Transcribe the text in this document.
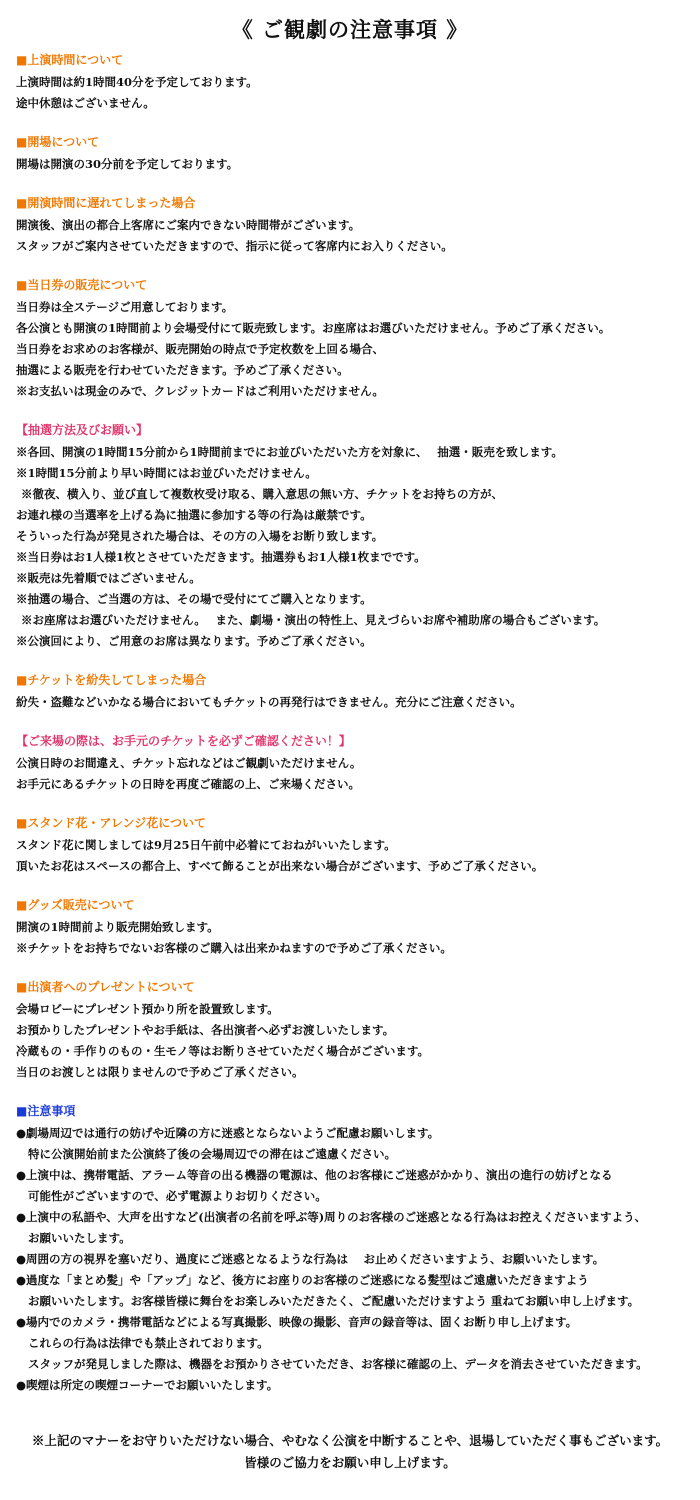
《 ご観劇の注意事項 》
■上演時間について
上演時間は約1時間40分を予定しております。
途中休憩はございません。
■開場について
開場は開演の30分前を予定しております。
■開演時間に遅れてしまった場合
開演後、演出の都合上客席にご案内できない時間帯がございます。
スタッフがご案内させていただきますので、指示に従って客席内にお入りください。
■当日券の販売について
当日券は全ステージご用意しております。
各公演とも開演の1時間前より会場受付にて販売致します。お座席はお選びいただけません。予めご了承ください。
当日券をお求めのお客様が、販売開始の時点で予定枚数を上回る場合、
抽選による販売を行わせていただきます。予めご了承ください。
※お支払いは現金のみで、クレジットカードはご利用いただけません。
【抽選方法及びお願い】
※各回、開演の1時間15分前から1時間前までにお並びいただいた方を対象に、　 抽選・販売を致します。
※1時間15分前より早い時間にはお並びいただけません。
※徹夜、横入り、並び直して複数枚受け取る、購入意思の無い方、チケットをお持ちの方が、
お連れ様の当選率を上げる為に抽選に参加する等の行為は厳禁です。
そういった行為が発見された場合は、その方の入場をお断り致します。
※当日券はお1人様1枚とさせていただきます。抽選券もお1人様1枚までです。
※販売は先着順ではございません。
※抽選の場合、ご当選の方は、その場で受付にてご購入となります。
※お座席はお選びいただけません。　 また、劇場・演出の特性上、見えづらいお席や補助席の場合もございます。
※公演回により、ご用意のお席は異なります。予めご了承ください。
■チケットを紛失してしまった場合
紛失・盗難などいかなる場合においてもチケットの再発行はできません。充分にご注意ください。
【ご来場の際は、お手元のチケットを必ずご確認ください！】
公演日時のお間違え、チケット忘れなどはご観劇いただけません。
お手元にあるチケットの日時を再度ご確認の上、ご来場ください。
■スタンド花・アレンジ花について
スタンド花に関しましては9月25日午前中必着にておねがいいたします。
頂いたお花はスペースの都合上、すべて飾ることが出来ない場合がございます、予めご了承ください。
■グッズ販売について
開演の1時間前より販売開始致します。
※チケットをお持ちでないお客様のご購入は出来かねますので予めご了承ください。
■出演者へのプレゼントについて
会場ロビーにプレゼント預かり所を設置致します。
お預かりしたプレゼントやお手紙は、各出演者へ必ずお渡しいたします。
冷蔵もの・手作りのもの・生モノ等はお断りさせていただく場合がございます。
当日のお渡しとは限りませんので予めご了承ください。
■注意事項
●劇場周辺では通行の妨げや近隣の方に迷惑とならないようご配慮お願いします。
特に公演開始前また公演終了後の会場周辺での滞在はご遠慮ください。
●上演中は、携帯電話、アラーム等音の出る機器の電源は、他のお客様にご迷惑がかかり、演出の進行の妨げとなる
可能性がございますので、必ず電源よりお切りください。
●上演中の私語や、大声を出すなど(出演者の名前を呼ぶ等)周りのお客様のご迷惑となる行為はお控えくださいますよう、
お願いいたします。
●周囲の方の視界を塞いだり、過度にご迷惑となるような行為は　 お止めくださいますよう、お願いいたします。
●過度な「まとめ髪」や「アップ」など、後方にお座りのお客様のご迷惑になる髪型はご遠慮いただきますよう
お願いいたします。お客様皆様に舞台をお楽しみいただきたく、ご配慮いただけますよう 重ねてお願い申し上げます。
●場内でのカメラ・携帯電話などによる写真撮影、映像の撮影、音声の録音等は、固くお断り申し上げます。
これらの行為は法律でも禁止されております。
スタッフが発見しました際は、機器をお預かりさせていただき、お客様に確認の上、データを消去させていただきます。
●喫煙は所定の喫煙コーナーでお願いいたします。
※上記のマナーをお守りいただけない場合、やむなく公演を中断することや、退場していただく事もございます。
皆様のご協力をお願い申し上げます。
